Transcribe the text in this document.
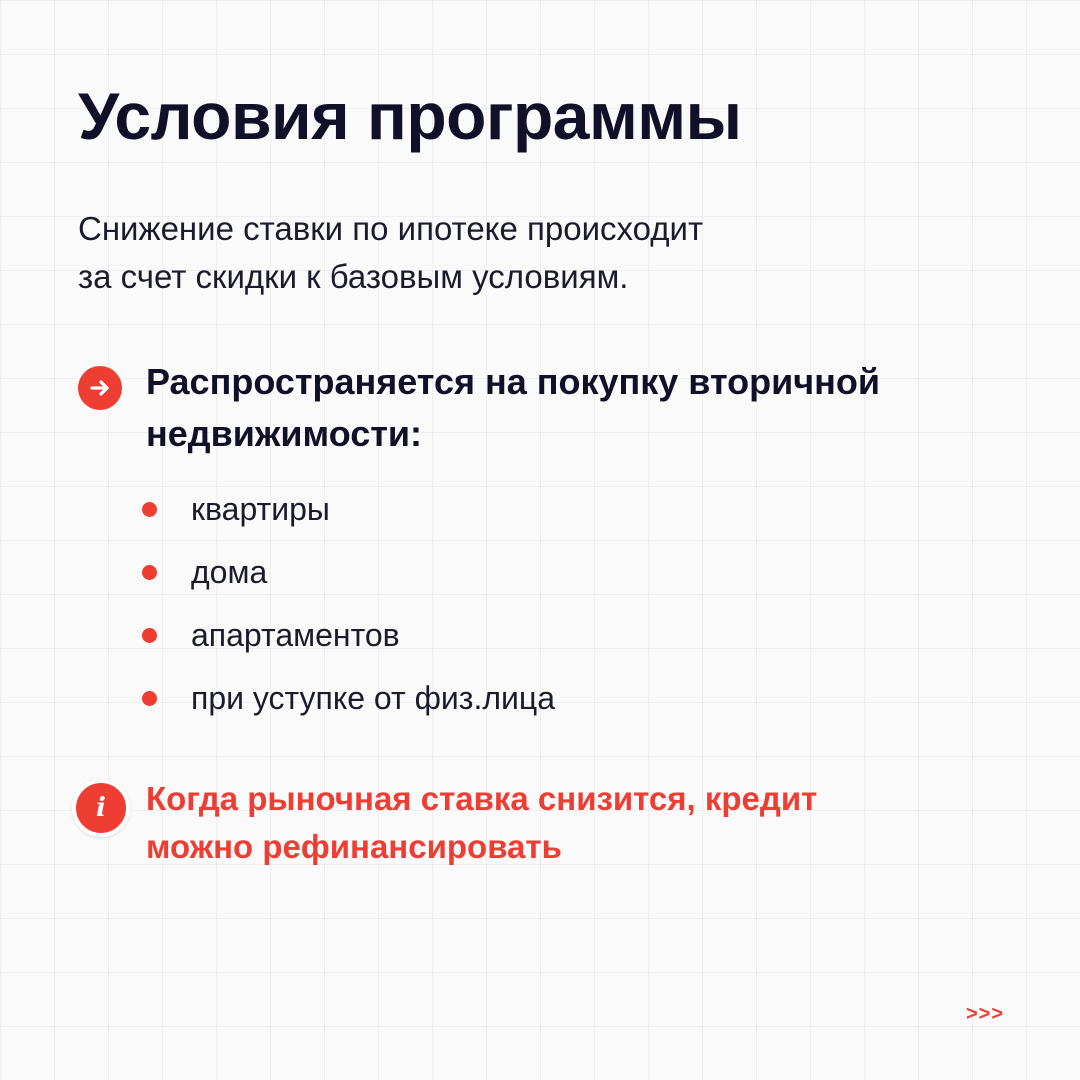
Условия программы

Снижение ставки по ипотеке происходит
за счет скидки к базовым условиям.

Распространяется на покупку вторичной
недвижимости:
квартиры
дома
апартаментов
при уступке от физ.лица
i	Когда рыночная ставка снизится, кредит
можно рефинансировать
>>>
